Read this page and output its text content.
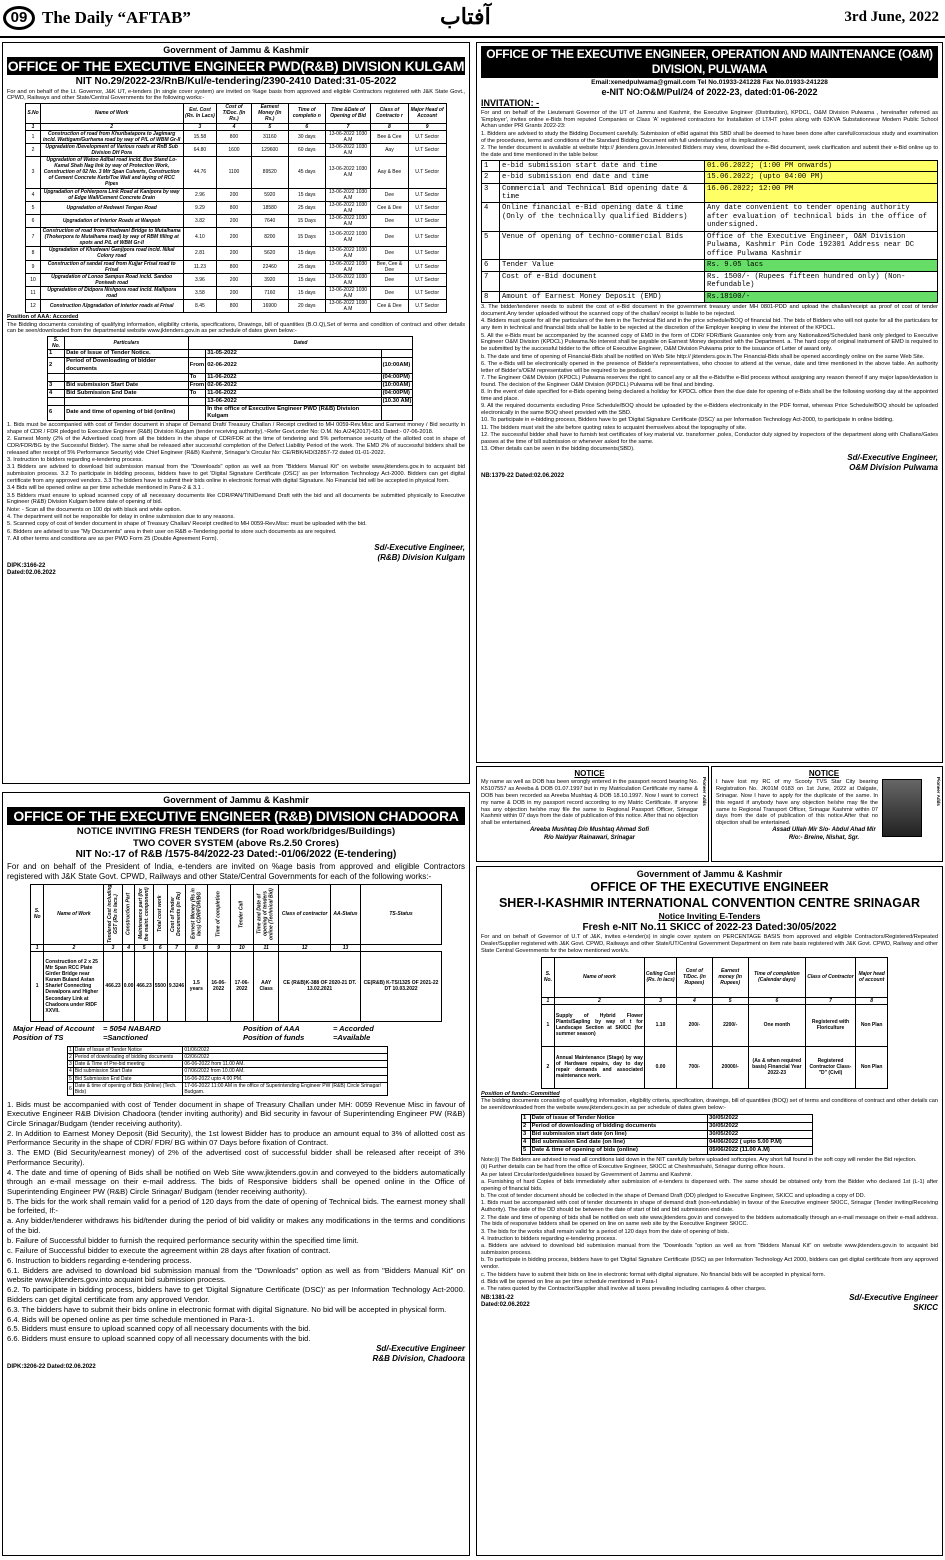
09 The Daily “AFTAB”	آفتاب	3rd June, 2022
Government of Jammu & Kashmir
OFFICE OF THE EXECUTIVE ENGINEER PWD(R&B) DIVISION KULGAM
NIT No.29/2022-23/RnB/Kul/e-tendering/2390-2410 Dated:31-05-2022

For and on behalf of the Lt. Governor, J&K UT, e-tenders (In single cover system) are invited on %age basis from approved and eligible Contractors registered with J&K State Govt., CPWD, Railways and other State/Central Governments for the following works:-

S.No	Name of Work	Est. Cost (Rs. In Lacs)	Cost of T/Doc. (In Rs.)	Earnest Money (In Rs.)	Time of completio n	Time &Date of Opening of Bid	Class of Contracto r	Major Head of Account
1	2	3	4	5	6	7	8	9
1	Construction of road from Khuribatapora to Jagimarg incld. Wattigam/Gurhama road by way of P/L of WBM Gr-II	15.58	800	31160	30 days	13-06-2022 1030 A.M	Bee & Cee	U.T Sector
2	Upgradation /Development of Various roads at RnB Sub Division DH Pora	64.80	1600	129600	60 days	13-06-2022 1030 A.M	Aay	U.T Sector
3	Upgradation of Watoo Adibal road incld. Bus Stand Lo-Kamal Shah Nag link by way of Protection Work, Construction of 02 No. 3 Mtr Span Culverts, Construction of Cement Concrete Kerb/Toe Wall and laying of RCC Pipes	44.76	1100	89520	45 days	13-06-2022 1030 A.M	Aay & Bee	U.T Sector
4	Upgradation of Pohlerpora Link Road at Kanipora by way of Edge Wall/Cement Concrete Drain	2.96	200	5920	15 days	13-06-2022 1030 A.M	Dee	U.T Sector
5	Upgradation of Redwani Tengan Road	9.29	800	18580	25 days	13-06-2022 1030 A.M	Cee & Dee	U.T Sector
6	Upgradation of Interior Roads at Wanpoh	3.82	200	7640	15 Days	13-06-2022 1030 A.M	Dee	U.T Sector
7	Construction of road from Khudwani Bridge to Mutalhama (Thokerpora to Mutalhama road) by way of RBM filling at spots and P/L of WBM Gr-II	4.10	200	8200	15 Days	13-06-2022 1030 A.M	Dee	U.T Sector
8	Upgradation of Khudwani Ganjipora road incld. Nikal Colony road	2.81	200	5620	15 days	13-06-2022 1030 A.M	Dee	U.T Sector
9	Construction of sandal road from Kujjar Frisal road to Frisal	11.23	800	22460	25 days	13-06-2022 1030 A.M	Bee, Cee & Dee	U.T Sector
10	Upgradation of Lonoo Sampus Road incld. Sandoo Poniwah road	3.96	200	3920	15 days	13-06-2022 1030 A.M	Dee	U.T Sector
11	Upgradation of Didpora Nishpora road incld. Mallipora road	3.58	200	7160	15 days	13-06-2022 1030 A.M	Dee	U.T Sector
12	Construction /Upgradation of interior roads at Frisal	8.45	800	16900	20 days	13-06-2022 1030 A.M	Cee & Dee	U.T Sector

Position of AAA: Accorded

The Bidding documents consisting of qualifying information, eligibility criteria, specifications, Drawings, bill of quantities (B.O.Q),Set of terms and condition of contract and other details can be seen/downloaded from the departmental website www.jktenders.gov.in as per schedule of dates given below:-

S. No.	Particulars	Dated		
1	Date of Issue of Tender Notice.		31-05-2022	
2	Period of Downloading of bidder documents	From	02-06-2022	(10:00AM)
		To	11-06-2022	(04:00PM)
3	Bid submission Start Date	From	02-06-2022	(10:00AM)
4	Bid Submission End Date	To	11-06-2022	(04:00PM)
			13-06-2022	(10.30 AM)
6	Date and time of opening of bid (online)		In the office of Executive Engineer PWD (R&B) Division Kulgam	

1. Bids must be accompanied with cost of Tender document in shape of Demand Draft/ Treasury Challan / Receipt credited to MH 0059-Rev.Misc and Earnest money / Bid security in shape of CDR / FDR pledged to Executive Engineer (R&B) Division Kulgam (tender receiving authority).~Refer Govt.order No: O.M. No.A/24(2017)-651 Dated:- 07-06-2018.

2. Earnest Monty (2% of the Advertised cost) from all the bidders in the shape of CDR/FDR at the time of tendering and 5% performance security of the allotted cost in shape of CDR/FDR/BG by the Successful Bidder). The same shall be released after successful completion of the Defect Liability Period of the work. The EMD 2% of successful bidders shall be released after receipt of 5% Performance Security) vide Chief Engineer (R&B) Kashmir, Srinagar's Circular No: CE/RBK/HD/32857-72 dated 01-01-2022.

3. Instruction to bidders regarding e-tendering process.

3.1 Bidders are advised to download bid submission manual from the "Downloads" option as well as from "Bidders Manual Kit" on website www.jktenders.gov.in to acquaint bid submission process. 3.2 To participate in bidding process, bidders have to get 'Digital Signature Certificate (DSC)' as per Information Technology Act-2000. Bidders can get digital certificate from any approved vendors. 3.3 The bidders have to submit their bids online in electronic format with digital Signature. No Financial bid will be accepted in physical form.

3.4 Bids will be opened online as per time schedule mentioned in Para-2 & 3.1 .

3.5 Bidders must ensure to upload scanned copy of all necessary documents like CDR/PAN/TIN/Demand Draft with the bid and all documents be submitted physically to Executive Engineer (R&B) Division Kulgam before date of opening of bid.

Note: - Scan all the documents on 100 dpi with black and white option.

4. The department will not be responsible for delay in online submission due to any reasons.

5. Scanned copy of cost of tender document in shape of Treasury Challan/ Receipt credited to MH 0059-Rev.Misc: must be uploaded with the bid.

6. Bidders are advised to use "My Documents" area in their user on R&B e-Tendering portal to store such documents as are required.

7. All other terms and conditions are as per PWD Form 25 (Double Agreement Form).

Sd/-Executive Engineer,
(R&B) Division Kulgam
DIPK:3166-22
Dated:02.06.2022
OFFICE OF THE EXECUTIVE ENGINEER, OPERATION AND MAINTENANCE (O&M) DIVISION, PULWAMA
Email:xenedpulwama@gmail.com Tel No.01933-241228 Fax No.01933-241228
e-NIT NO:O&M/Pul/24 of 2022-23, dated:01-06-2022

INVITATION: -

For and on behalf of the Lieutenant Governor of the UT of Jammu and Kashmir, the Executive Engineer (Distribution), KPDCL, O&M Division Pulwama , hereinafter referred as 'Employer', invites online e-Bids from reputed Companies or Class 'A' registered contractors for Installation of LT/HT poles along with 63KVA Substationnear Modern Public School Achan under PRI Grants 2022-23:

1. Bidders are advised to study the Bidding Document carefully. Submission of eBid against this SBD shall be deemed to have been done after careful/conscious study and examination of the procedures, terms and conditions of the Standard Bidding Document with full understanding of its implications.

2. The tender document is available at website http:// jktenders.gov.in.Interested Bidders may view, download the e-Bid document, seek clarification and submit their e-Bid online up to the date and time mentioned in the table below:

1	e-bid submission start date and time	01.06.2022; (1:00 PM onwards)
2	e-bid submission end date and time	15.06.2022; (upto 04:00 PM)
3	Commercial and Technical Bid opening date & time	16.06.2022; 12:00 PM
4	Online financial e-Bid opening date & time (Only of the technically qualified Bidders)	Any date convenient to tender opening authority after evaluation of technical bids in the office of undersigned.
5	Venue of opening of techno-commercial Bids	Office of the Executive Engineer, O&M Division Pulwama, Kashmir Pin Code 192301 Address near DC office Pulwama Kashmir
6	Tender Value	Rs. 9.05 lacs
7	Cost of e-Bid document	Rs. 1500/- (Rupees fifteen hundred only) (Non-Refundable)
8	Amount of Earnest Money Deposit (EMD)	Rs.18100/-

3. The bidder/tenderer needs to submit the cost of e-Bid document in the government treasury under MH 0801-PDD and upload the challan/receipt as proof of cost of tender document.Any tender uploaded without the scanned copy of the challan/ receipt is liable to be rejected.

4. Bidders must quote for all the particulars of the item in the Technical Bid and in the price schedule/BOQ of financial bid. The bids of Bidders who will not quote for all the particulars for any item in technical and financial bids shall be liable to be rejected at the discretion of the Employer keeping in view the interest of the KPDCL.

5. All the e-Bids must be accompanied by the scanned copy of EMD in the form of CDR/ FDR/Bank Guarantee only from any Nationalized/Scheduled bank only pledged to Executive Engineer O&M Division (KPDCL) Pulwama.No interest shall be payable on Earnest Money deposited with the Department. a. The hard copy of original instrument of EMD is required to be submitted by the successful bidder to the office of Executive Engineer, O&M Division Pulwama prior to the issuance of Letter of award only.

b. The date and time of opening of Financial-Bids shall be notified on Web Site http:// jktenders.gov.in.The Financial-Bids shall be opened accordingly online on the same Web Site.

6. The e-Bids will be electronically opened in the presence of Bidder's representatives, who choose to attend at the venue, date and time mentioned in the above table. An authority letter of Bidder's/OEM representative will be required to be produced.

7. The Engineer O&M Division (KPDCL) Pulwama reserves the right to cancel any or all the e-Bids/the e-Bid process without assigning any reason thereof if any major lapse/deviation is found. The decision of the Engineer O&M Division (KPDCL) Pulwama will be final and binding.

8. In the event of date specified for e-Bids opening being declared a holiday for KPDCL office then the due date for opening of e-Bids shall be the following working day at the appointed time and place.

9. All the required documents excluding Price Schedule/BOQ should be uploaded by the e-Bidders electronically in the PDF format, whereas Price Schedule/BOQ should be uploaded electronically in the same BOQ sheet provided with the SBD.

10. To participate in e-bidding process, Bidders have to get 'Digital Signature Certificate (DSC)' as per Information Technology Act-2000, to participate in online bidding.

11. The bidders must visit the site before quoting rates to acquaint themselves about the topography of site.

12. The successful bidder shall have to furnish test certificates of key material viz. transformer ,poles, Conductor duly signed by inspectors of the department along with Challans/Gates passes at the time of bill submission or whenever asked for the same.

13. Other details can be seen in the bidding documents(SBD).

Sd/-Executive Engineer,
O&M Division Pulwama
NB:1379-22 Dated:02.06.2022
NOTICE

My name as well as DOB has been wrongly entered in the passport record bearing No. K5107557 as Areeba & DOB 01.07.1997 but in my Matriculation Certificate my name & DOB has been recorded as Areeba Mushtaq & DOB 18.10.1997. Now I want to correct my name & DOB in my passport record according to my Matric Certificate. If anyone has any objection he/she may file the same to Regional Passport Officer, Srinagar Kashmir within 07 days from the date of publication of this notice. After that no objection shall be entertained.

Areeba Mushtaq D/o Mushtaq Ahmad Sofi
R/o Naidyar Rainawari, Srinagar
Pioneer Adds
NOTICE

I have lost my RC of my Scooty TVS Star City bearing Registration No. JK01M 0183 on 1st June, 2022 at Dalgate, Srinagar. Now I have to apply for the duplicate of the same. In this regard if anybody have any objection he/she may file the same to Regional Transport Officer, Srinagar Kashmir within 07 days from the date of publication of this notice.After that no objection shall be entertained.

Assad Ullah Mir S/o- Abdul Ahad Mir
R/o:- Breine, Nishat, Sgr.
Pioneer Adds
Government of Jammu & Kashmir
OFFICE OF THE EXECUTIVE ENGINEER (R&B) DIVISION CHADOORA
NOTICE INVITING FRESH TENDERS (for Road work/bridges/Buildings)
TWO COVER SYSTEM (above Rs.2.50 Crores)
NIT No:-17 of R&B /1575-84/2022-23 Dated:-01/06/2022 (E-tendering)

For and on behalf of the President of India, e-tenders are invited on %age basis from approved and eligible Contractors registered with J&K State Govt. CPWD, Railways and other State/Central Governments for each of the following works:-

S. No	Name of Work	Tendered Cost including GST (Rs in lacs.)	Construction Part	Maintenance part (for the maint. component)	Total cost work	Cost of Tender Documents (in Rs)	Earnest Money (Rs in lacs) CDR/FDR/BG	Time of completion	Tender Call	Time and Date of opening of tenders online (Technical Bid)	Class of contractor	AA-Status	TS-Status
1	2	3	4	5	6	7	8	9	10	11	12	13	
1	Construction of 2 x 25 Mtr Span RCC Plate Girder Bridge near Karam Buland Astan Sharief Connecting Dewalpora and Higher Secondary Link at Chadoora under RIDF XXVII.	466.23	0.00	466.23	5500	9.3246	1.5 years	16-06-2022	17-06-2022	AAY Class	CE (R&B)K-388 OF 2020-21 DT. 13.02.2021		CE(R&B) K-TS/1325 OF 2021-22 DT 10.03.2022
Major Head of Account	= 5054 NABARD	Position of AAA	= Accorded
Position of TS	=Sanctioned	Position of funds	=Available
1	Date of Issue of Tender Notice	01/06/2022
2	Period of downloading of bidding documents	02/06/2022
3	Date & Time of Pre-bid meeting	06-06-2022 from 11.00 AM.
4	Bid submission Start Date	07/06/2022 from 10.00 AM.
5	Bid Submission End Date	16-06-2022 upto 4.00 PM.
6	Date & time of opening of Bids (Online) (Tech. Bids)	17-06-2022 11:00 AM in the office of Superintending Engineer PW (R&B) Circle Srinagar/ Budgam.

1. Bids must be accompanied with cost of Tender document in shape of Treasury Challan under MH: 0059 Revenue Misc in favour of Executive Engineer R&B Division Chadoora (tender inviting authority) and Bid security in favour of Superintending Engineer PW (R&B) Circle Srinagar/Budgam (tender receiving authority).

2. In Addition to Earnest Money Deposit (Bid Security), the 1st lowest Bidder has to produce an amount equal to 3% of allotted cost as Performance Security in the shape of CDR/ FDR/ BG within 07 Days before fixation of Contract.

3. The EMD (Bid Security/earnest money) of 2% of the advertised cost of successful bidder shall be released after receipt of 3% Performance Security).

4. The date and time of opening of Bids shall be notified on Web Site www.jktenders.gov.in and conveyed to the bidders automatically through an e-mail message on their e-mail address. The bids of Responsive bidders shall be opened online in the Office of Superintending Engineer PW (R&B) Circle Srinagar/ Budgam (tender receiving authority).

5. The bids for the work shall remain valid for a period of 120 days from the date of opening of Technical bids. The earnest money shall be forfeited, If:-

a. Any bidder/tenderer withdraws his bid/tender during the period of bid validity or makes any modifications in the terms and conditions of the bid.

b. Failure of Successful bidder to furnish the required performance security within the specified time limit.

c. Failure of Successful bidder to execute the agreement within 28 days after fixation of contract.

6. Instruction to bidders regarding e-tendering process.

6.1. Bidders are advised to download bid submission manual from the "Downloads" option as well as from "Bidders Manual Kit" on website www.jktenders.gov.into acquaint bid submission process.

6.2. To participate in bidding process, bidders have to get 'Digital Signature Certificate (DSC)' as per Information Technology Act-2000. Bidders can get digital certificate from any approved Vendor.

6.3. The bidders have to submit their bids online in electronic format with digital Signature. No bid will be accepted in physical form.

6.4. Bids will be opened online as per time schedule mentioned in Para-1.

6.5. Bidders must ensure to upload scanned copy of all necessary documents with the bid.

6.6. Bidders must ensure to upload scanned copy of all necessary documents with the bid.

Sd/-Executive Engineer
R&B Division, Chadoora
DIPK:3206-22 Dated:02.06.2022
Government of Jammu & Kashmir
OFFICE OF THE EXECUTIVE ENGINEER
SHER-I-KASHMIR INTERNATIONAL CONVENTION CENTRE SRINAGAR
Notice Inviting E-Tenders
Fresh e-NIT No.11 SKICC of 2022-23 Dated:30/05/2022

For and on behalf of Governor of U.T of J&K, invites e-tender(s) in single cover system on PERCENTAGE BASIS from approved and eligible Contractors/Registered/Repeated Dealer/Supplier registered with J&K Govt. CPWD, Railways and other State/UT/Central Government Department on item rate basis registered with J&K Govt. CPWD, Railway and other State Central Governments for the below mentioned work/s.

S. No.	Name of work	Ceiling Cost (Rs. In lacs)	Cost of T/Doc. (in Rupees)	Earnest money (in Rupees)	Time of completion (Calendar days)	Class of Contractor	Major head of account
1	2	3	4	5	6	7	8
1	Supply of Hybrid Flower Plants/Sapling by way of t for Landscape Section at SKICC (for summer season)	1.10	200/-	2200/-	One month	Registered with Floriculture	Non Plan
2	Annual Maintenance (Stage) by way of Hardware repairs, day to day repair demands and associated maintenance work.	0.00	700/-	20000/-	(As & when required basis) Financial Year 2022-23	Registered Contractor Class-"D" (Civil)	Non Plan

Position of funds:-Committed

The bidding documents consisting of qualifying information, eligibility criteria, specification, drawings, bill of quantities (BOQ) set of terms and conditions of contract and other details can be seen/downloaded from the website www.jktenders.gov.in as per schedule of dates given below:-

1	Date of issue of Tender Notice	30/05/2022
2	Period of downloading of bidding documents	30/05/2022
3	Bid submission start date (on line)	30/05/2022
4	Bid submission End date (on line)	04/06/2022 ( upto 5.00 P.M)
5	Date & time of opening of bids (online)	05/06/2022 (11.00 A.M)

Note:(i) The Bidders are advised to read all conditions laid down in the NIT carefully before uploaded softcopies. Any short fall found in the soft copy will render the Bid rejection.

(ii) Further details can be had from the office of Executive Engineer, SKICC at Cheshmashahi, Srinagar during office hours.

As per latest Circular/order/guidelines issued by Government of Jammu and Kashmir.

a. Furnishing of hard Copies of bids immediately after submission of e-tenders is dispensed with. The same should be obtained only from the Bidder who declared 1st (L-1) after opening of financial bids.

b. The cost of tender document should be collected in the shape of Demand Draft (DD) pledged to Executive Engineer, SKICC and uploading a copy of DD.

1. Bids must be accompanied with cost of tender documents in shape of demand draft (non-refundable) in favour of the Executive engineer SKICC, Srinagar (Tender inviting/Receiving Authority). The date of the DD should be between the date of start of bid and bid submission end date.

2. The date and time of opening of bids shall be notified on web site www.jktenders.gov.in and conveyed to the bidders automatically through an e-mail message on their e-mail address. The bids of responsive bidders shall be opened on line on same web site by the Executive Engineer SKICC.

3. The bids for the works shall remain valid for a period of 120 days from the date of opening of bids.

4. Instruction to bidders regarding e-tendering process.

a. Bidders are advised to download bid submission manual from the "Downloads "option as well as from "Bidders Manual Kit" on website www.jktenders.gov.in to acquaint bid submission process.

b. To participate in bidding process, bidders have to get 'Digital Signature Certificate (DSC) as per Information Technology Act 2000, bidders can get digital certificate from any approved vendor.

c. The bidders have to submit their bids on line in electronic format with digital signature. No financial bids will be accepted in physical form.

d. Bids will be opened on line as per time schedule mentioned in Para-I

e. The rates quoted by the Contractor/Supplier shall involve all taxes prevailing including carriages & other charges.

Sd/-Executive Engineer
SKICC
NB:1381-22
Dated:02.06.2022
